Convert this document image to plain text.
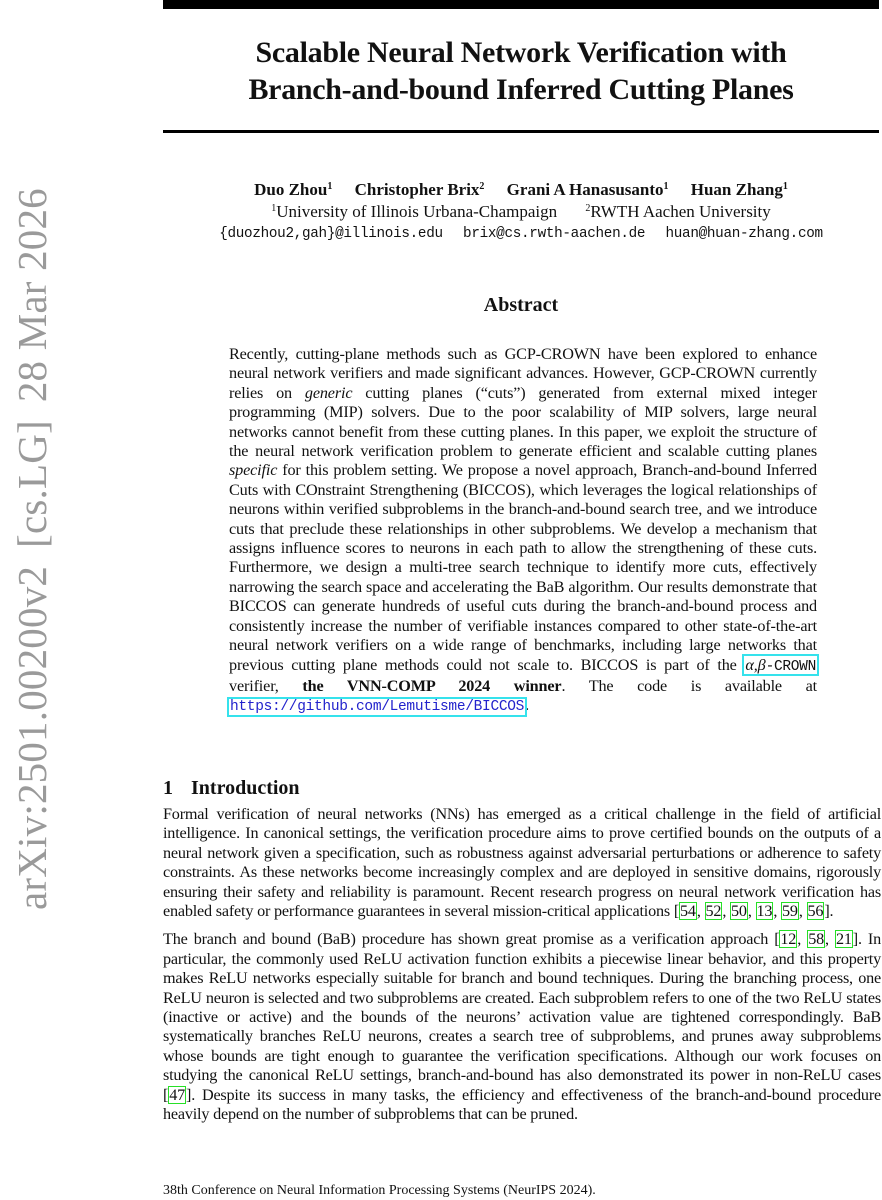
arXiv:2501.00200v2[cs.LG]28 Mar 2026
Scalable Neural Network Verification with
Branch-and-bound Inferred Cutting Planes
Duo Zhou$^1$ Christopher Brix$^2$ Grani A Hanasusanto$^1$ Huan Zhang$^1$
$^1$University of Illinois Urbana-Champaign	$^2$RWTH Aachen University
{duozhou2,gah}@illinois.edu brix@cs.rwth-aachen.de huan@huan-zhang.com
Abstract
Recently, cutting-plane methods such as GCP-CROWN have been explored to enhance neural network verifiers and made significant advances. However, GCP-CROWN currently relies on generic cutting planes (“cuts”) generated from external mixed integer programming (MIP) solvers. Due to the poor scalability of MIP solvers, large neural networks cannot benefit from these cutting planes. In this paper, we exploit the structure of the neural network verification problem to generate efficient and scalable cutting planes specific for this problem setting. We propose a novel approach, Branch-and-bound Inferred Cuts with COnstraint Strengthening (BICCOS), which leverages the logical relationships of neurons within verified subproblems in the branch-and-bound search tree, and we introduce cuts that preclude these relationships in other subproblems. We develop a mechanism that assigns influence scores to neurons in each path to allow the strengthening of these cuts. Furthermore, we design a multi-tree search technique to identify more cuts, effectively narrowing the search space and accelerating the BaB algorithm. Our results demonstrate that BICCOS can generate hundreds of useful cuts during the branch-and-bound process and consistently increase the number of verifiable instances compared to other state-of-the-art neural network verifiers on a wide range of benchmarks, including large networks that previous cutting plane methods could not scale to. BICCOS is part of the α,β-CROWN verifier, the VNN-COMP 2024 winner. The code is available at https://github.com/Lemutisme/BICCOS.
1 Introduction

Formal verification of neural networks (NNs) has emerged as a critical challenge in the field of artificial intelligence. In canonical settings, the verification procedure aims to prove certified bounds on the outputs of a neural network given a specification, such as robustness against adversarial perturbations or adherence to safety constraints. As these networks become increasingly complex and are deployed in sensitive domains, rigorously ensuring their safety and reliability is paramount. Recent research progress on neural network verification has enabled safety or performance guarantees in several mission-critical applications [54, 52, 50, 13, 59, 56].

The branch and bound (BaB) procedure has shown great promise as a verification approach [12, 58, 21]. In particular, the commonly used ReLU activation function exhibits a piecewise linear behavior, and this property makes ReLU networks especially suitable for branch and bound techniques. During the branching process, one ReLU neuron is selected and two subproblems are created. Each subproblem refers to one of the two ReLU states (inactive or active) and the bounds of the neurons’ activation value are tightened correspondingly. BaB systematically branches ReLU neurons, creates a search tree of subproblems, and prunes away subproblems whose bounds are tight enough to guarantee the verification specifications. Although our work focuses on studying the canonical ReLU settings, branch-and-bound has also demonstrated its power in non-ReLU cases [47]. Despite its success in many tasks, the efficiency and effectiveness of the branch-and-bound procedure heavily depend on the number of subproblems that can be pruned.

38th Conference on Neural Information Processing Systems (NeurIPS 2024).
